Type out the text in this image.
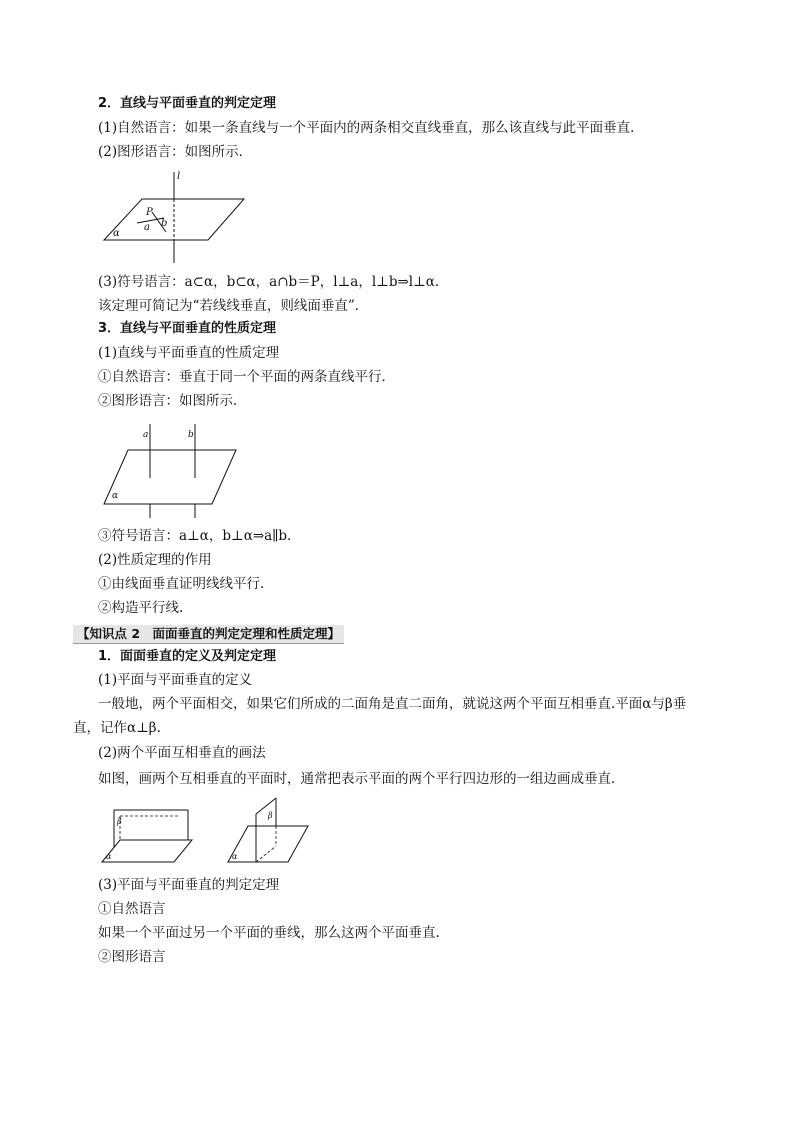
2．直线与平面垂直的判定定理
(1)自然语言：如果一条直线与一个平面内的两条相交直线垂直，那么该直线与此平面垂直．
(2)图形语言：如图所示．
l
P
a b
α
(3)符号语言：a⊂α，b⊂α，a∩b＝P，l⊥a，l⊥b⇒l⊥α.
该定理可简记为“若线线垂直，则线面垂直”．
3．直线与平面垂直的性质定理
(1)直线与平面垂直的性质定理
①自然语言：垂直于同一个平面的两条直线平行．
②图形语言：如图所示．
a	b
α
③符号语言：a⊥α，b⊥α⇒a∥b.
(2)性质定理的作用
①由线面垂直证明线线平行.
②构造平行线.
【知识点 2　面面垂直的判定定理和性质定理】
1．面面垂直的定义及判定定理
(1)平面与平面垂直的定义
一般地，两个平面相交，如果它们所成的二面角是直二面角，就说这两个平面互相垂直.平面α与β垂
直，记作α⊥β.
(2)两个平面互相垂直的画法
如图，画两个互相垂直的平面时，通常把表示平面的两个平行四边形的一组边画成垂直．
β
α
β
α
(3)平面与平面垂直的判定定理
①自然语言
如果一个平面过另一个平面的垂线，那么这两个平面垂直.
②图形语言
